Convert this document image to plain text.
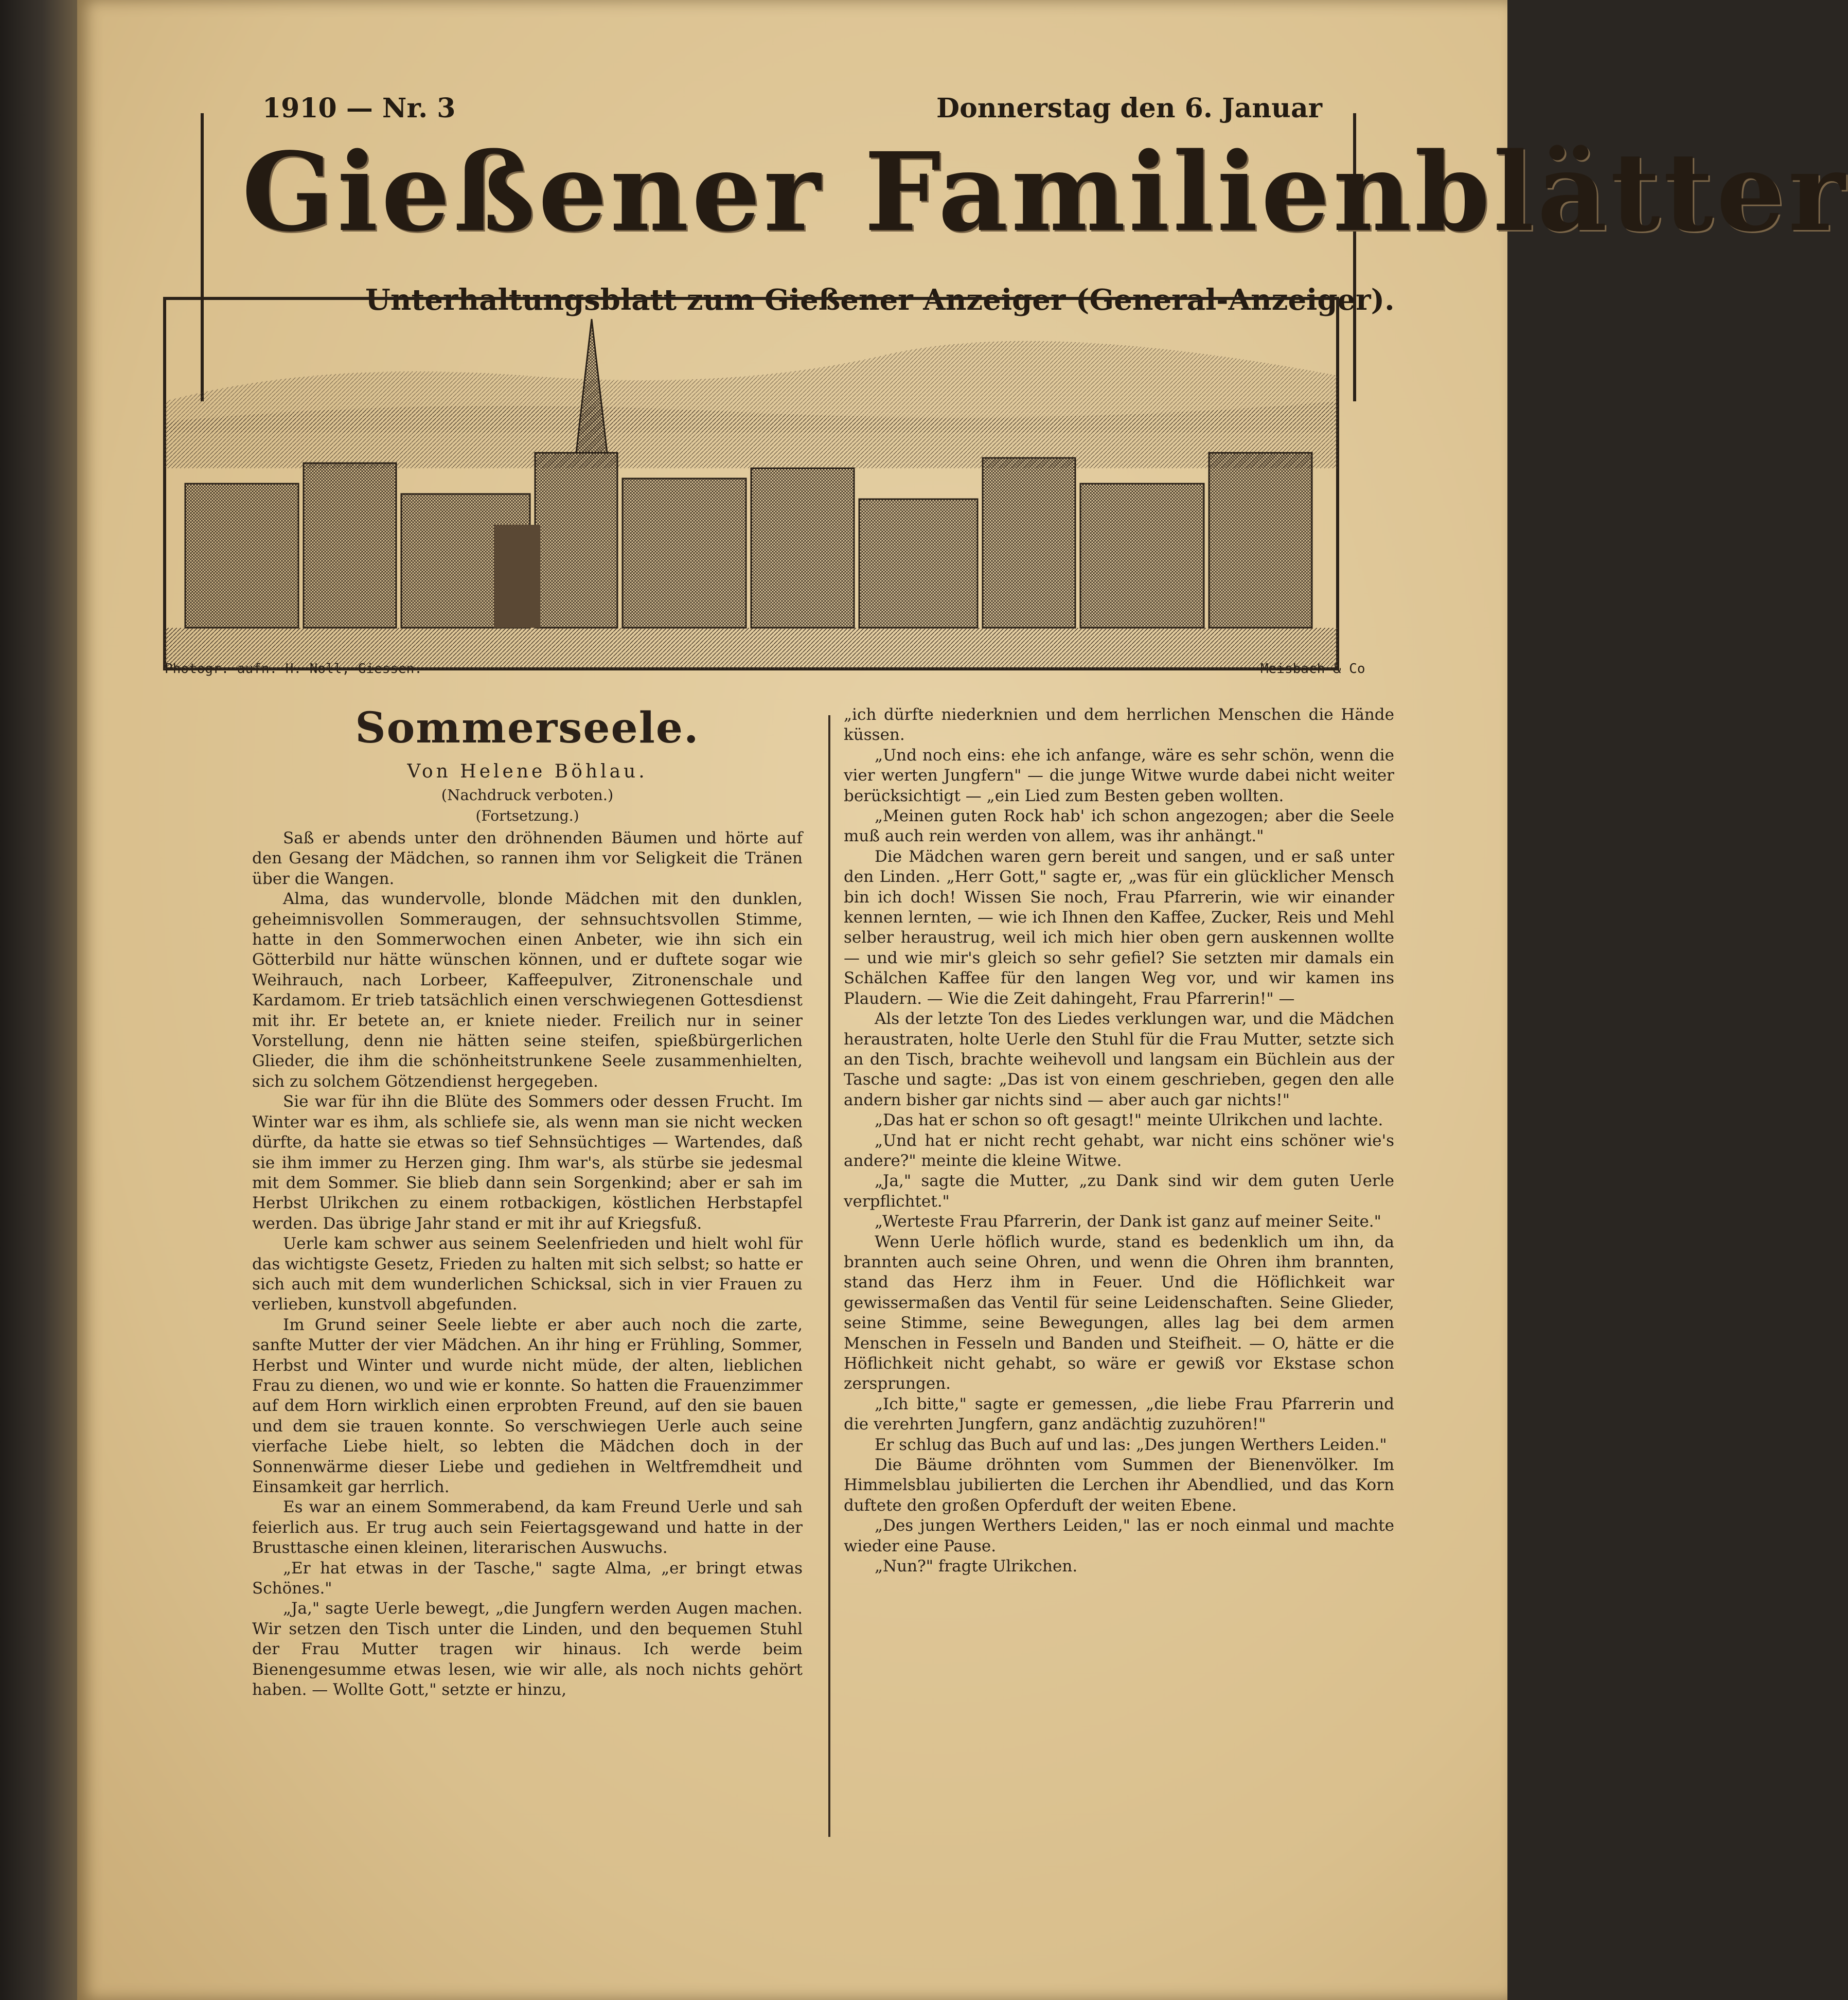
1910 — Nr. 3	Donnerstag den 6. Januar
Gießener Familienblätter
Unterhaltungsblatt zum Gießener Anzeiger (General-Anzeiger).
Photogr. aufn. H. Noll, Giessen.	Meisbach & Co
Sommerseele.
Von Helene Böhlau.
(Nachdruck verboten.)
(Fortsetzung.)

Saß er abends unter den dröhnenden Bäumen und hörte auf den Gesang der Mädchen, so rannen ihm vor Seligkeit die Tränen über die Wangen.

Alma, das wundervolle, blonde Mädchen mit den dunklen, geheimnisvollen Sommeraugen, der sehnsuchtsvollen Stimme, hatte in den Sommerwochen einen Anbeter, wie ihn sich ein Götterbild nur hätte wünschen können, und er duftete sogar wie Weihrauch, nach Lorbeer, Kaffeepulver, Zitronenschale und Kardamom. Er trieb tatsächlich einen verschwiegenen Gottesdienst mit ihr. Er betete an, er kniete nieder. Freilich nur in seiner Vorstellung, denn nie hätten seine steifen, spießbürgerlichen Glieder, die ihm die schönheitstrunkene Seele zusammenhielten, sich zu solchem Götzendienst hergegeben.

Sie war für ihn die Blüte des Sommers oder dessen Frucht. Im Winter war es ihm, als schliefe sie, als wenn man sie nicht wecken dürfte, da hatte sie etwas so tief Sehnsüchtiges — Wartendes, daß sie ihm immer zu Herzen ging. Ihm war's, als stürbe sie jedesmal mit dem Sommer. Sie blieb dann sein Sorgenkind; aber er sah im Herbst Ulrikchen zu einem rotbackigen, köstlichen Herbstapfel werden. Das übrige Jahr stand er mit ihr auf Kriegsfuß.

Uerle kam schwer aus seinem Seelenfrieden und hielt wohl für das wichtigste Gesetz, Frieden zu halten mit sich selbst; so hatte er sich auch mit dem wunderlichen Schicksal, sich in vier Frauen zu verlieben, kunstvoll abgefunden.

Im Grund seiner Seele liebte er aber auch noch die zarte, sanfte Mutter der vier Mädchen. An ihr hing er Frühling, Sommer, Herbst und Winter und wurde nicht müde, der alten, lieblichen Frau zu dienen, wo und wie er konnte. So hatten die Frauenzimmer auf dem Horn wirklich einen erprobten Freund, auf den sie bauen und dem sie trauen konnte. So verschwiegen Uerle auch seine vierfache Liebe hielt, so lebten die Mädchen doch in der Sonnenwärme dieser Liebe und gediehen in Weltfremdheit und Einsamkeit gar herrlich.

Es war an einem Sommerabend, da kam Freund Uerle und sah feierlich aus. Er trug auch sein Feiertagsgewand und hatte in der Brusttasche einen kleinen, literarischen Auswuchs.

„Er hat etwas in der Tasche," sagte Alma, „er bringt etwas Schönes."

„Ja," sagte Uerle bewegt, „die Jungfern werden Augen machen. Wir setzen den Tisch unter die Linden, und den bequemen Stuhl der Frau Mutter tragen wir hinaus. Ich werde beim Bienengesumme etwas lesen, wie wir alle, als noch nichts gehört haben. — Wollte Gott," setzte er hinzu,

„ich dürfte niederknien und dem herrlichen Menschen die Hände küssen.

„Und noch eins: ehe ich anfange, wäre es sehr schön, wenn die vier werten Jungfern" — die junge Witwe wurde dabei nicht weiter berücksichtigt — „ein Lied zum Besten geben wollten.

„Meinen guten Rock hab' ich schon angezogen; aber die Seele muß auch rein werden von allem, was ihr anhängt."

Die Mädchen waren gern bereit und sangen, und er saß unter den Linden. „Herr Gott," sagte er, „was für ein glücklicher Mensch bin ich doch! Wissen Sie noch, Frau Pfarrerin, wie wir einander kennen lernten, — wie ich Ihnen den Kaffee, Zucker, Reis und Mehl selber heraustrug, weil ich mich hier oben gern auskennen wollte — und wie mir's gleich so sehr gefiel? Sie setzten mir damals ein Schälchen Kaffee für den langen Weg vor, und wir kamen ins Plaudern. — Wie die Zeit dahingeht, Frau Pfarrerin!" —

Als der letzte Ton des Liedes verklungen war, und die Mädchen heraustraten, holte Uerle den Stuhl für die Frau Mutter, setzte sich an den Tisch, brachte weihevoll und langsam ein Büchlein aus der Tasche und sagte: „Das ist von einem geschrieben, gegen den alle andern bisher gar nichts sind — aber auch gar nichts!"

„Das hat er schon so oft gesagt!" meinte Ulrikchen und lachte.

„Und hat er nicht recht gehabt, war nicht eins schöner wie's andere?" meinte die kleine Witwe.

„Ja," sagte die Mutter, „zu Dank sind wir dem guten Uerle verpflichtet."

„Werteste Frau Pfarrerin, der Dank ist ganz auf meiner Seite."

Wenn Uerle höflich wurde, stand es bedenklich um ihn, da brannten auch seine Ohren, und wenn die Ohren ihm brannten, stand das Herz ihm in Feuer. Und die Höflichkeit war gewissermaßen das Ventil für seine Leidenschaften. Seine Glieder, seine Stimme, seine Bewegungen, alles lag bei dem armen Menschen in Fesseln und Banden und Steifheit. — O, hätte er die Höflichkeit nicht gehabt, so wäre er gewiß vor Ekstase schon zersprungen.

„Ich bitte," sagte er gemessen, „die liebe Frau Pfarrerin und die verehrten Jungfern, ganz andächtig zuzuhören!"

Er schlug das Buch auf und las: „Des jungen Werthers Leiden."

Die Bäume dröhnten vom Summen der Bienenvölker. Im Himmelsblau jubilierten die Lerchen ihr Abendlied, und das Korn duftete den großen Opferduft der weiten Ebene.

„Des jungen Werthers Leiden," las er noch einmal und machte wieder eine Pause.

„Nun?" fragte Ulrikchen.
